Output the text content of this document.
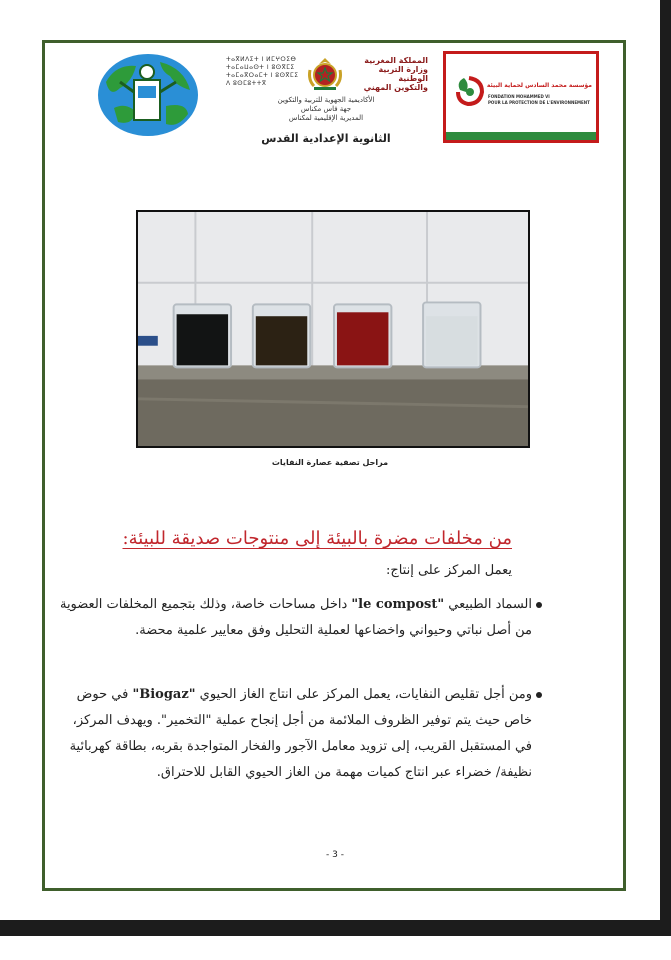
ⵜⴰⴳⵍⴷⵉⵜ ⵏ ⵍⵎⵖⵔⵉⴱ
ⵜⴰⵎⴰⵡⴰⵙⵜ ⵏ ⵓⵙⴳⵎⵉ
ⵜⴰⵎⴰⴳⵔⴰⵎⵜ ⵏ ⵓⵙⴳⵎⵉ
ⴷ ⵓⵙⵎⵓⵜⵜⴳ
المملكة المغربية
وزارة التربية الوطنية
والتكوين المهني
الأكاديمية الجهوية للتربية والتكوين
جهة فاس مكناس
المديرية الإقليمية لمكناس
الثانوية الإعدادية القدس
مؤسسة محمد السادس لحماية البيئة
FONDATION MOHAMMED VI
POUR LA PROTECTION DE L'ENVIRONNEMENT
مراحل تصفية عصارة النفايات
من مخلفات مضرة بالبيئة إلى منتوجات صديقة للبيئة:
يعمل المركز على إنتاج:
السماد الطبيعي "le compost" داخل مساحات خاصة، وذلك بتجميع المخلفات العضوية
من أصل نباتي وحيواني واخضاعها لعملية التحليل وفق معايير علمية محضة.
ومن أجل تقليص النفايات، يعمل المركز على انتاج الغاز الحيوي "Biogaz" في حوض
خاص حيث يتم توفير الظروف الملائمة من أجل إنجاح عملية "التخمير". ويهدف المركز،
في المستقبل القريب، إلى تزويد معامل الآجور والفخار المتواجدة بقربه، بطاقة كهربائية
نظيفة/ خضراء عبر انتاج كميات مهمة من الغاز الحيوي القابل للاحتراق.
- 3 -
